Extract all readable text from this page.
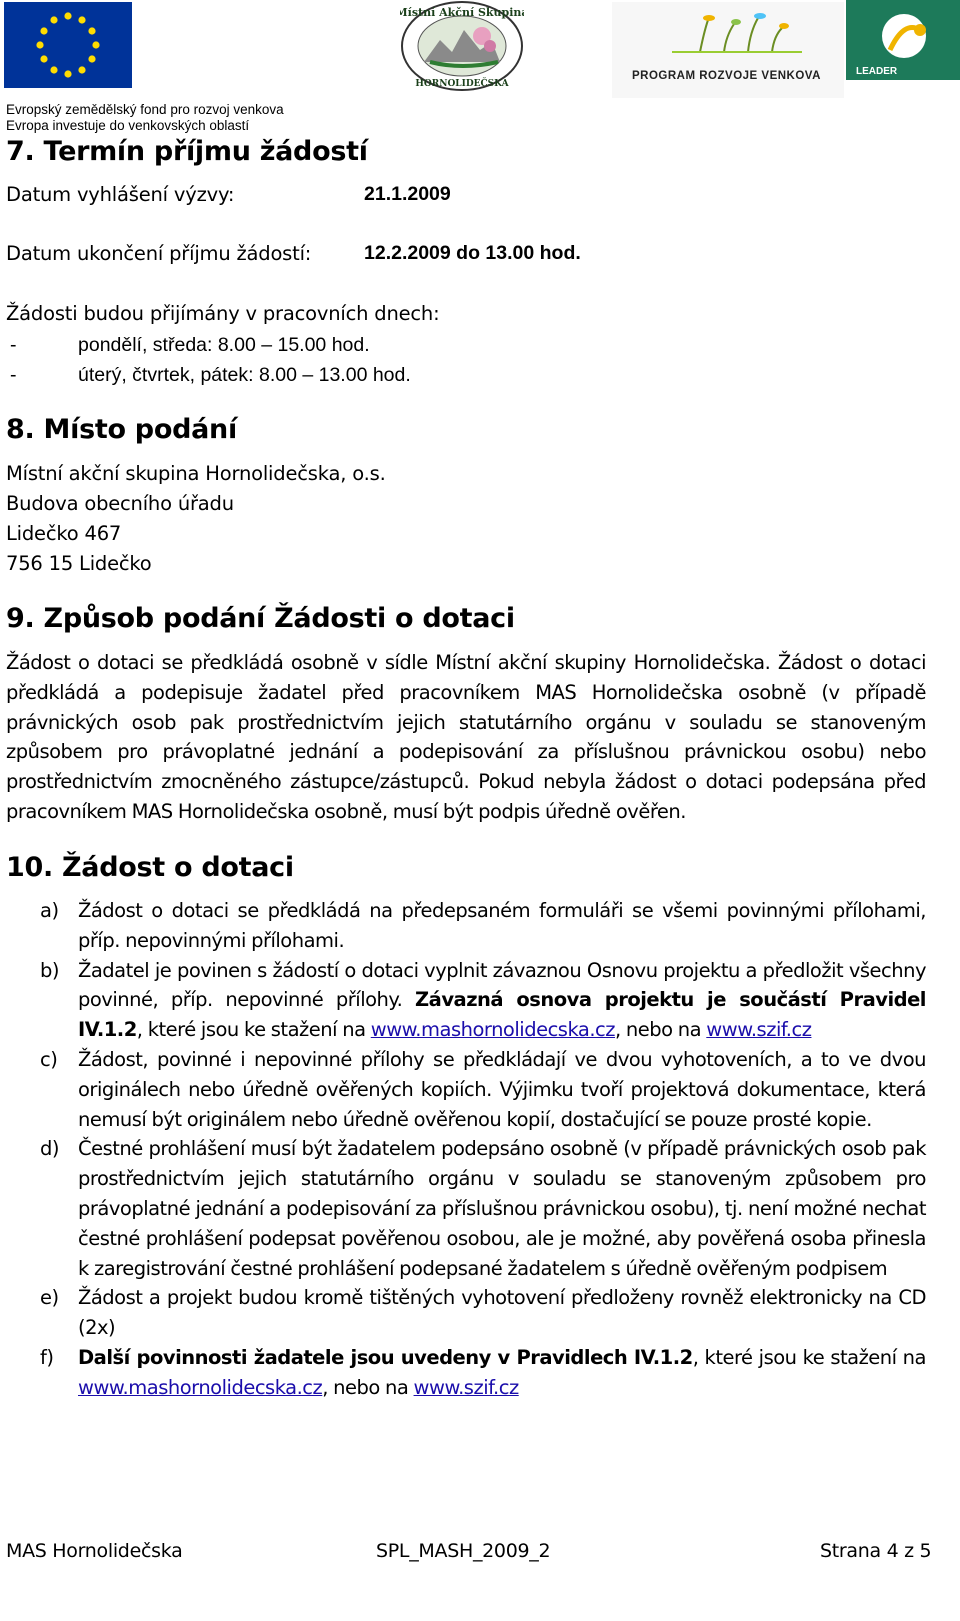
Evropský zemědělský fond pro rozvoj venkova
Evropa investuje do venkovských oblastí
Místní Akční Skupina
HORNOLIDEČSKA
PROGRAM ROZVOJE VENKOVA	LEADER
7. Termín příjmu žádostí
Datum vyhlášení výzvy:	21.1.2009
Datum ukončení příjmu žádostí:	12.2.2009 do 13.00 hod.
Žádosti budou přijímány v pracovních dnech:
-	pondělí, středa: 8.00 – 15.00 hod.
-	úterý, čtvrtek, pátek: 8.00 – 13.00 hod.
8. Místo podání
Místní akční skupina Hornolidečska, o.s.
Budova obecního úřadu
Lidečko 467
756 15 Lidečko
9. Způsob podání Žádosti o dotaci
Žádost o dotaci se předkládá osobně v sídle Místní akční skupiny Hornolidečska. Žádost o dotaci předkládá a podepisuje žadatel před pracovníkem MAS Hornolidečska osobně (v případě právnických osob pak prostřednictvím jejich statutárního orgánu v souladu se stanoveným způsobem pro právoplatné jednání a podepisování za příslušnou právnickou osobu) nebo prostřednictvím zmocněného zástupce/zástupců. Pokud nebyla žádost o dotaci podepsána před pracovníkem MAS Hornolidečska osobně, musí být podpis úředně ověřen.
10. Žádost o dotaci
a) Žádost o dotaci se předkládá na předepsaném formuláři se všemi povinnými přílohami, příp. nepovinnými přílohami.
b) Žadatel je povinen s žádostí o dotaci vyplnit závaznou Osnovu projektu a předložit všechny povinné, příp. nepovinné přílohy. Závazná osnova projektu je součástí Pravidel IV.1.2, které jsou ke stažení na www.mashornolidecska.cz, nebo na www.szif.cz
c) Žádost, povinné i nepovinné přílohy se předkládají ve dvou vyhotoveních, a to ve dvou originálech nebo úředně ověřených kopiích. Výjimku tvoří projektová dokumentace, která nemusí být originálem nebo úředně ověřenou kopií, dostačující se pouze prosté kopie.
d) Čestné prohlášení musí být žadatelem podepsáno osobně (v případě právnických osob pak prostřednictvím jejich statutárního orgánu v souladu se stanoveným způsobem pro právoplatné jednání a podepisování za příslušnou právnickou osobu), tj. není možné nechat čestné prohlášení podepsat pověřenou osobou, ale je možné, aby pověřená osoba přinesla k zaregistrování čestné prohlášení podepsané žadatelem s úředně ověřeným podpisem
e) Žádost a projekt budou kromě tištěných vyhotovení předloženy rovněž elektronicky na CD (2x)
f) Další povinnosti žadatele jsou uvedeny v Pravidlech IV.1.2, které jsou ke stažení na www.mashornolidecska.cz, nebo na www.szif.cz
MAS Hornolidečska	SPL_MASH_2009_2	Strana 4 z 5
